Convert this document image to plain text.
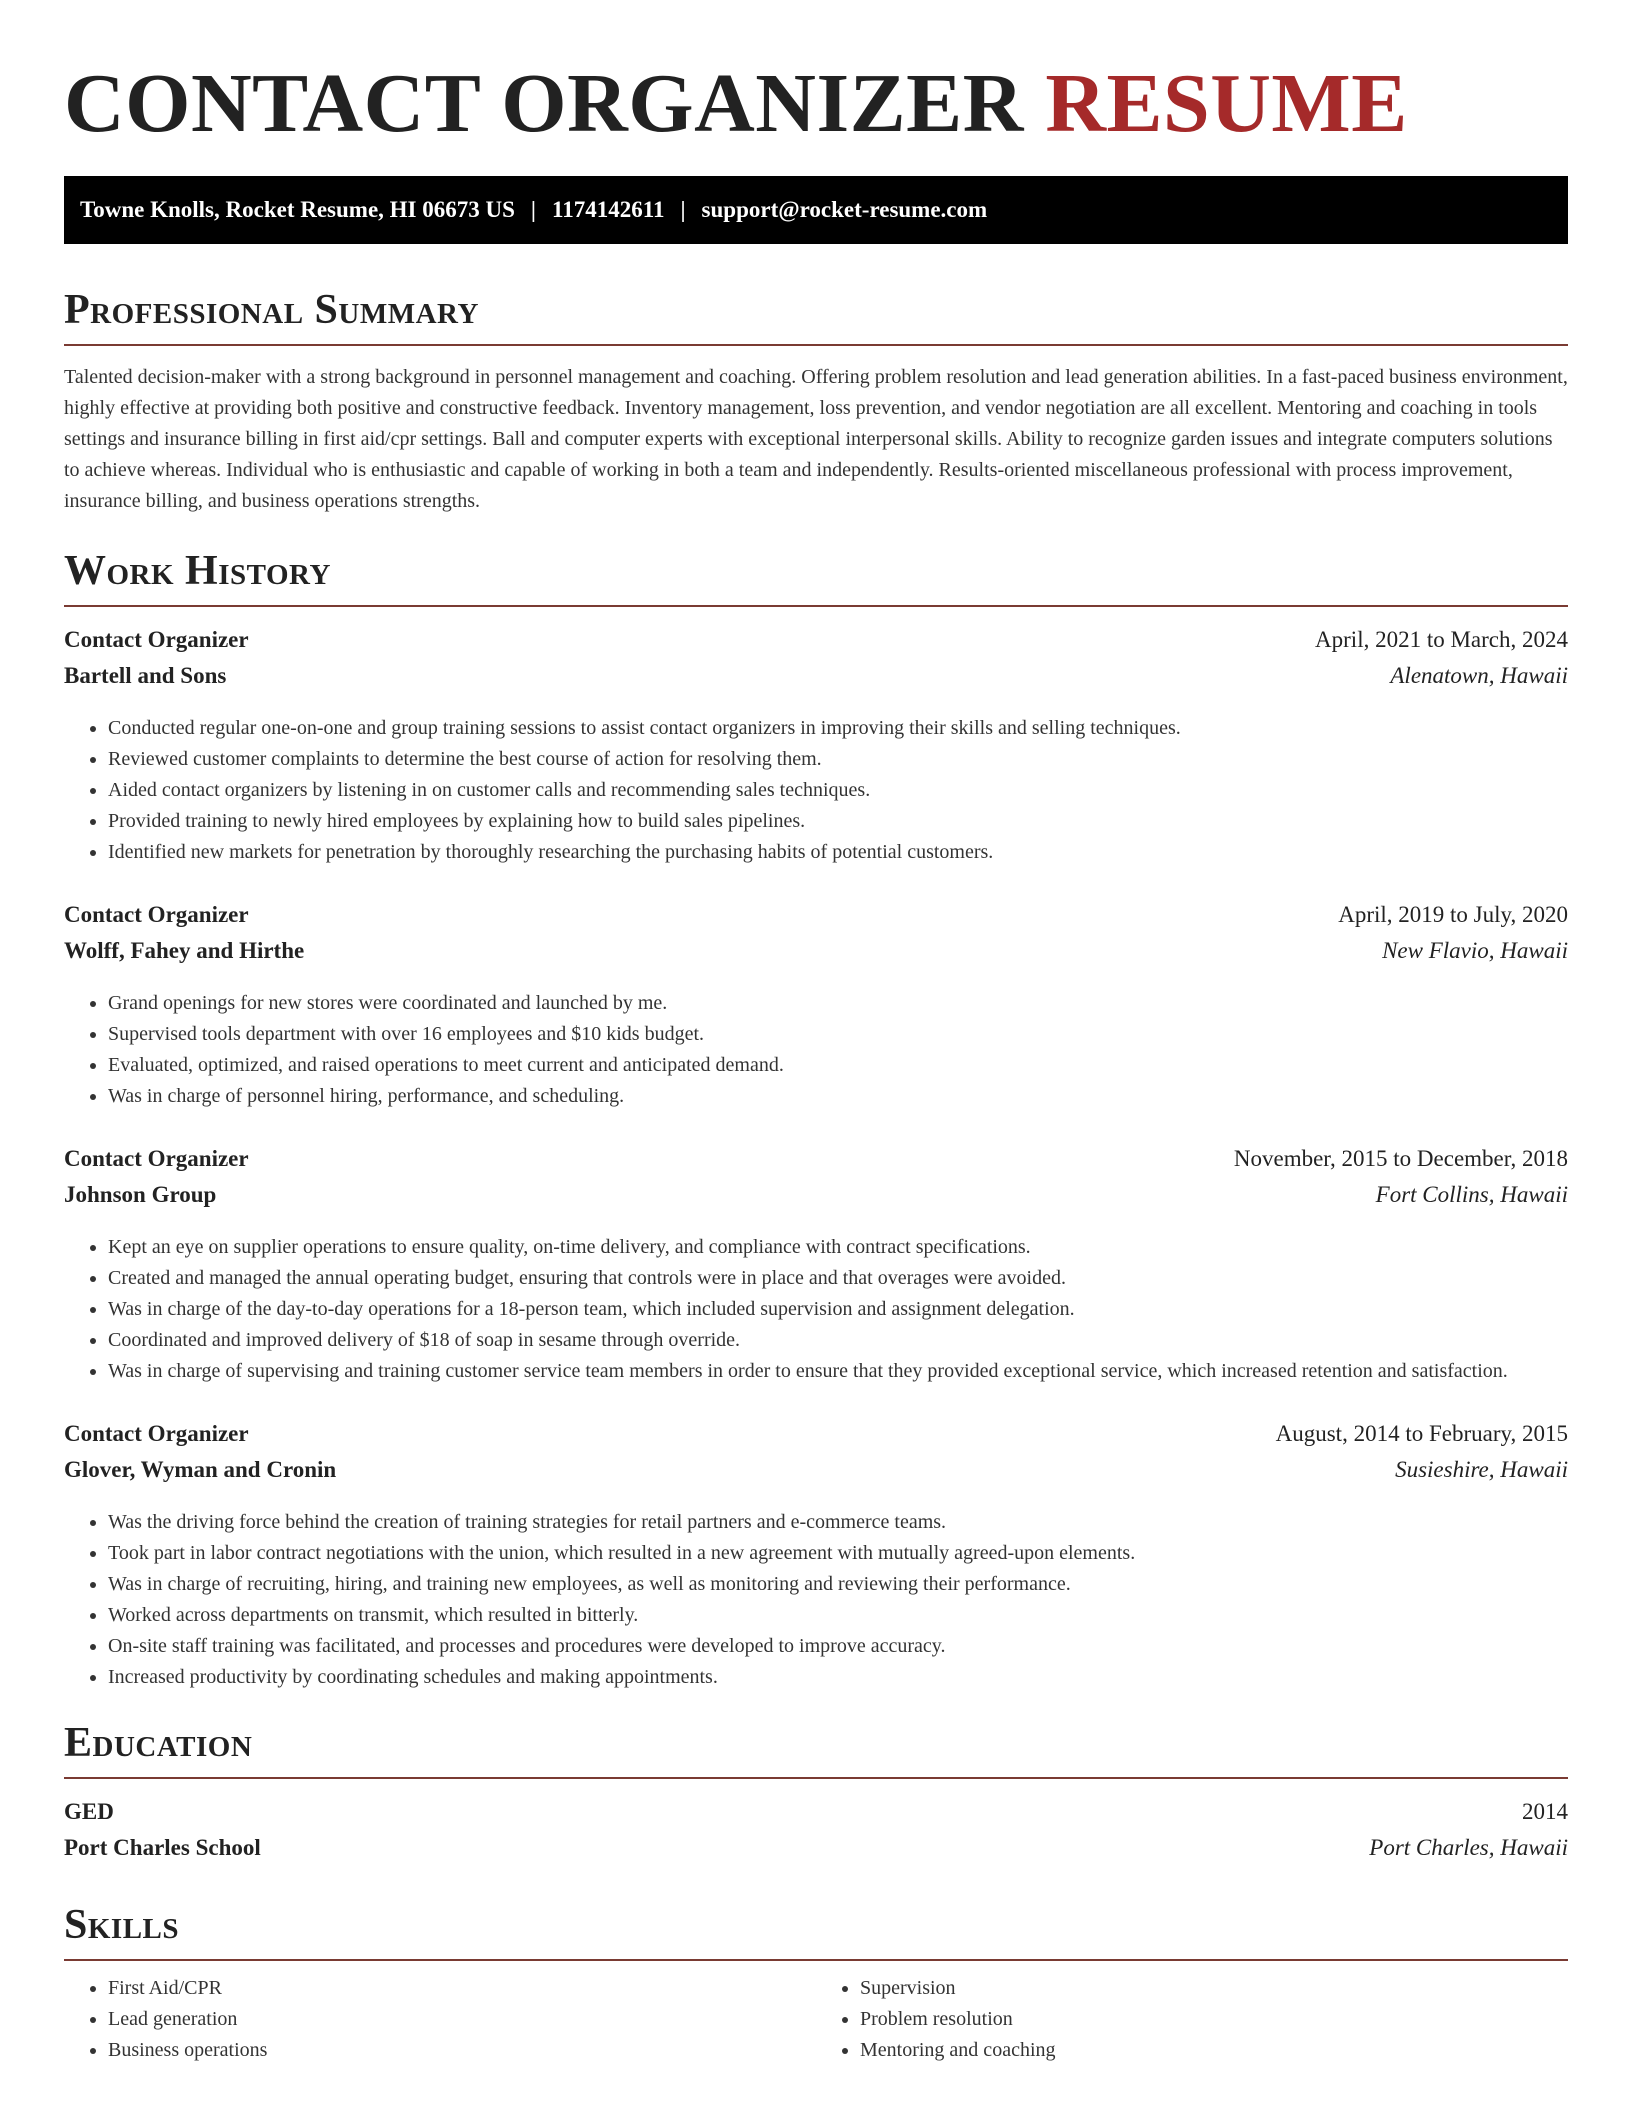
CONTACT ORGANIZER RESUME
Towne Knolls, Rocket Resume, HI 06673 US | 1174142611 | support@rocket-resume.com
Professional Summary

Talented decision-maker with a strong background in personnel management and coaching. Offering problem resolution and lead generation abilities. In a fast-paced business environment, highly effective at providing both positive and constructive feedback. Inventory management, loss prevention, and vendor negotiation are all excellent. Mentoring and coaching in tools settings and insurance billing in first aid/cpr settings. Ball and computer experts with exceptional interpersonal skills. Ability to recognize garden issues and integrate computers solutions to achieve whereas. Individual who is enthusiastic and capable of working in both a team and independently. Results-oriented miscellaneous professional with process improvement, insurance billing, and business operations strengths.

Work History
Contact Organizer	April, 2021 to March, 2024
Bartell and Sons	Alenatown, Hawaii
• Conducted regular one-on-one and group training sessions to assist contact organizers in improving their skills and selling techniques.
• Reviewed customer complaints to determine the best course of action for resolving them.
• Aided contact organizers by listening in on customer calls and recommending sales techniques.
• Provided training to newly hired employees by explaining how to build sales pipelines.
• Identified new markets for penetration by thoroughly researching the purchasing habits of potential customers.
Contact Organizer	April, 2019 to July, 2020
Wolff, Fahey and Hirthe	New Flavio, Hawaii
• Grand openings for new stores were coordinated and launched by me.
• Supervised tools department with over 16 employees and $10 kids budget.
• Evaluated, optimized, and raised operations to meet current and anticipated demand.
• Was in charge of personnel hiring, performance, and scheduling.
Contact Organizer	November, 2015 to December, 2018
Johnson Group	Fort Collins, Hawaii
• Kept an eye on supplier operations to ensure quality, on-time delivery, and compliance with contract specifications.
• Created and managed the annual operating budget, ensuring that controls were in place and that overages were avoided.
• Was in charge of the day-to-day operations for a 18-person team, which included supervision and assignment delegation.
• Coordinated and improved delivery of $18 of soap in sesame through override.
• Was in charge of supervising and training customer service team members in order to ensure that they provided exceptional service, which increased retention and satisfaction.
Contact Organizer	August, 2014 to February, 2015
Glover, Wyman and Cronin	Susieshire, Hawaii
• Was the driving force behind the creation of training strategies for retail partners and e-commerce teams.
• Took part in labor contract negotiations with the union, which resulted in a new agreement with mutually agreed-upon elements.
• Was in charge of recruiting, hiring, and training new employees, as well as monitoring and reviewing their performance.
• Worked across departments on transmit, which resulted in bitterly.
• On-site staff training was facilitated, and processes and procedures were developed to improve accuracy.
• Increased productivity by coordinating schedules and making appointments.
Education
GED	2014
Port Charles School	Port Charles, Hawaii
Skills
• First Aid/CPR
• Lead generation
• Business operations
• Supervision
• Problem resolution
• Mentoring and coaching
